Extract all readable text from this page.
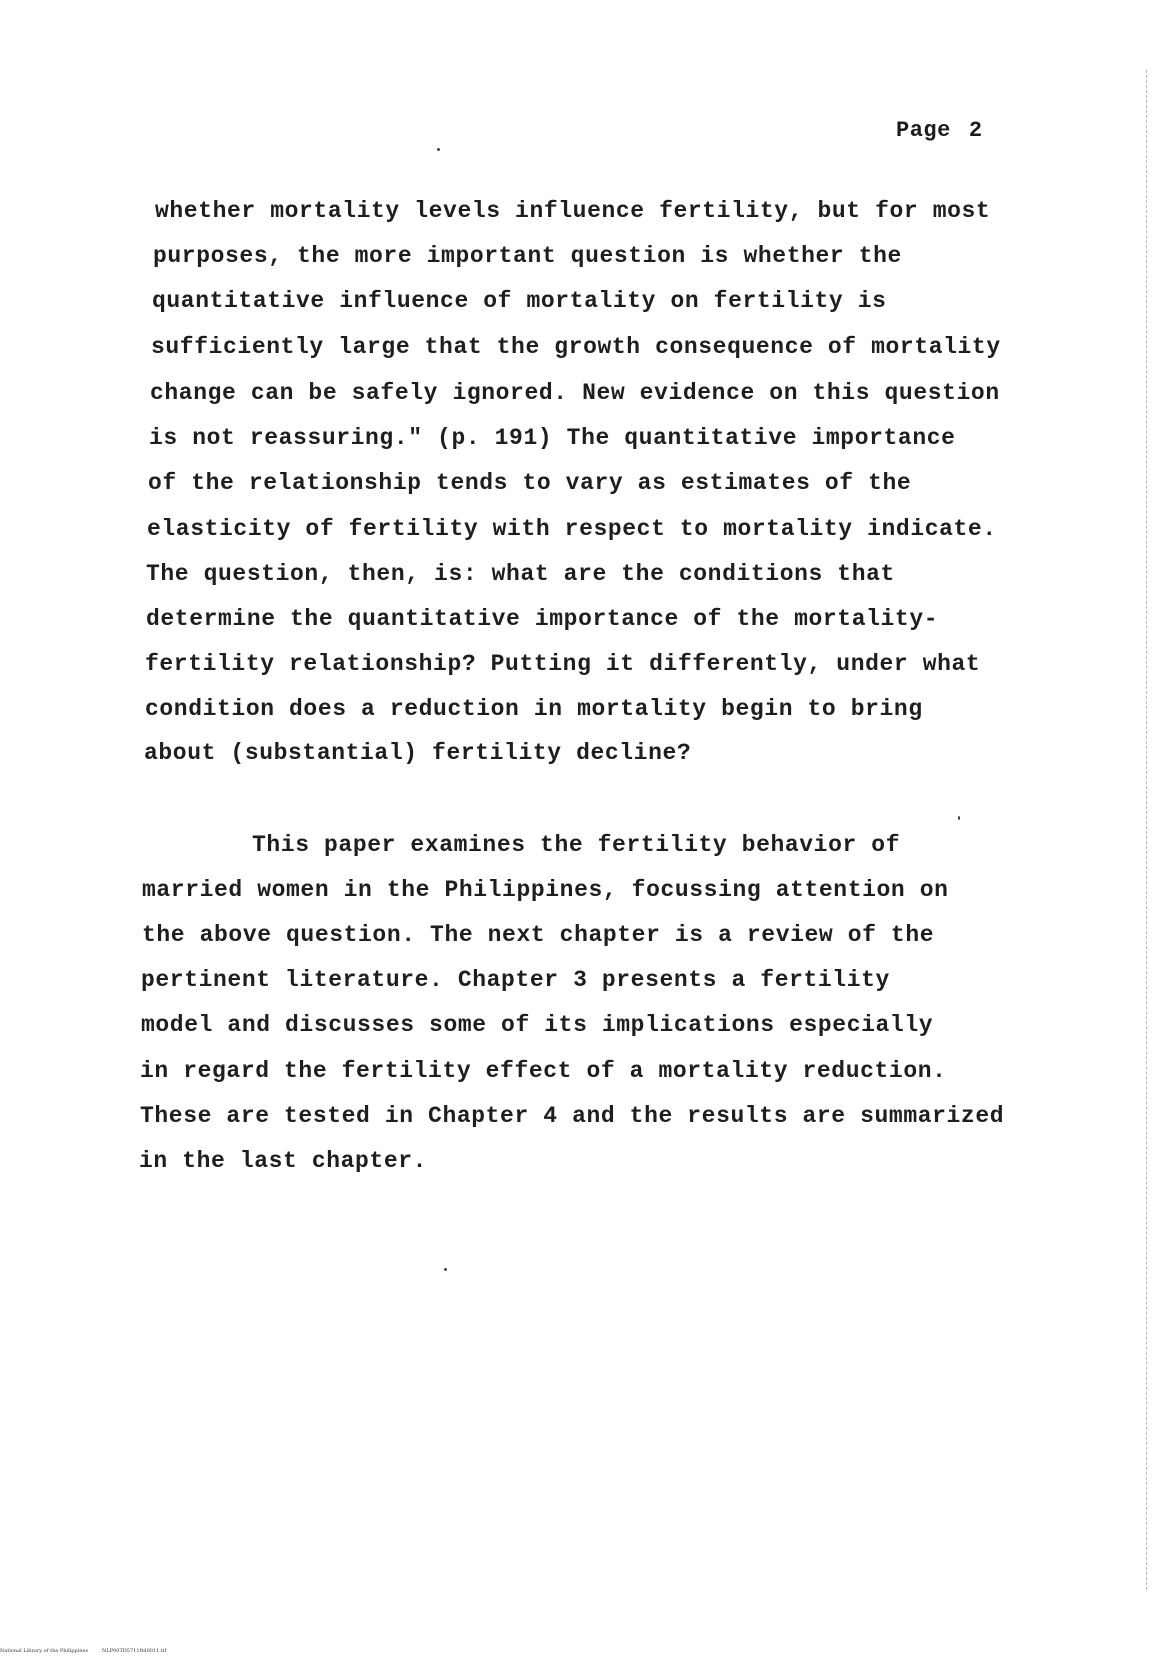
Page 2
whether mortality levels influence fertility, but for most
purposes, the more important question is whether the
quantitative influence of mortality on fertility is
sufficiently large that the growth consequence of mortality
change can be safely ignored. New evidence on this question
is not reassuring." (p. 191) The quantitative importance
of the relationship tends to vary as estimates of the
elasticity of fertility with respect to mortality indicate.
The question, then, is: what are the conditions that
determine the quantitative importance of the mortality-
fertility relationship? Putting it differently, under what
condition does a reduction in mortality begin to bring
about (substantial) fertility decline?
This paper examines the fertility behavior of
married women in the Philippines, focussing attention on
the above question. The next chapter is a review of the
pertinent literature. Chapter 3 presents a fertility
model and discusses some of its implications especially
in regard the fertility effect of a mortality reduction.
These are tested in Chapter 4 and the results are summarized
in the last chapter.
National Library of the Philippines	NLP00TD5711ftd0011.tif
